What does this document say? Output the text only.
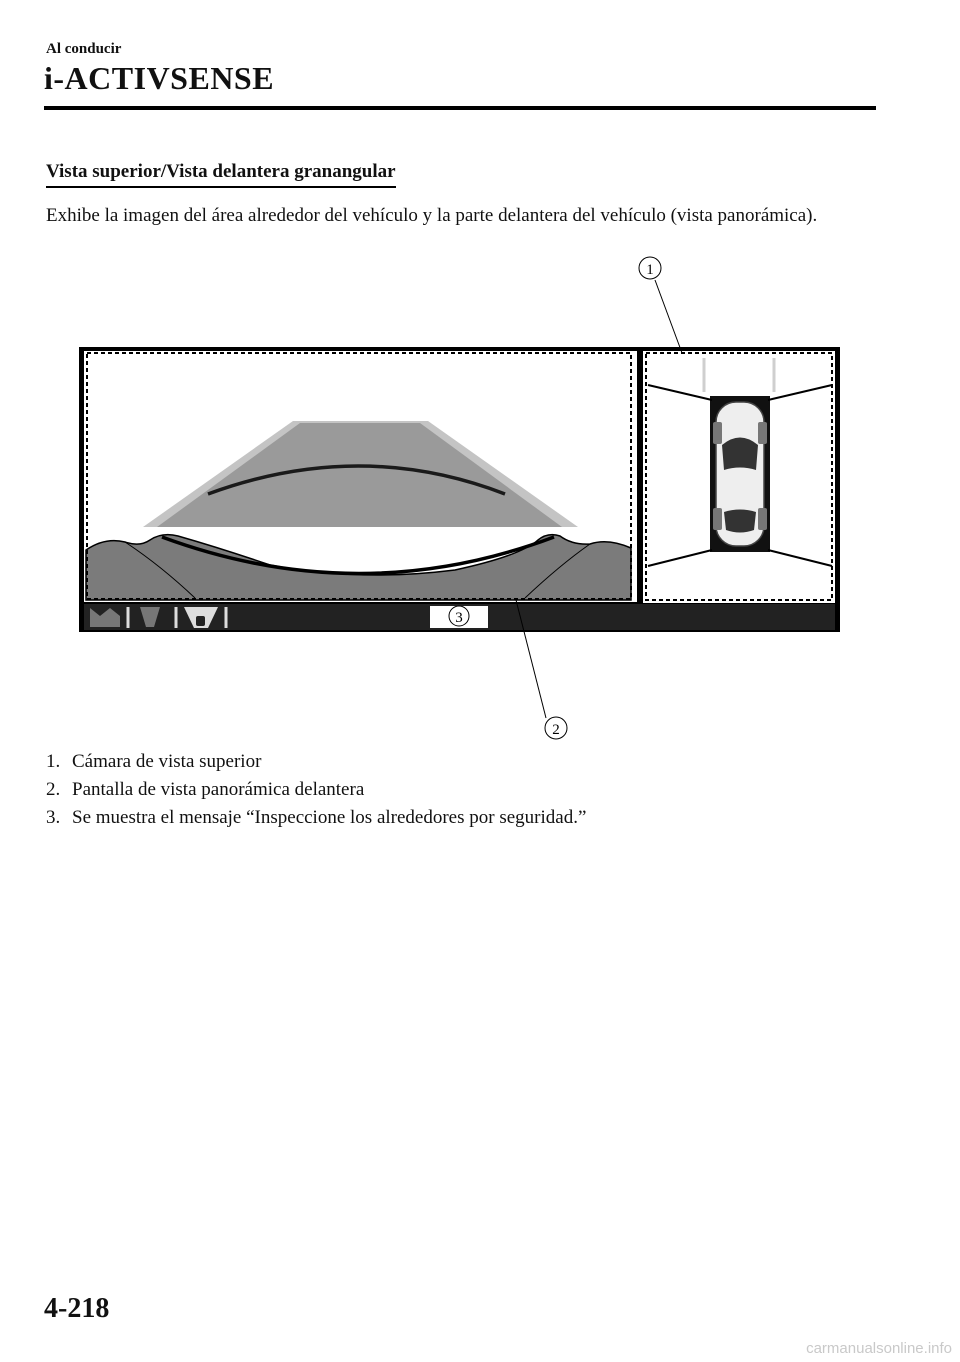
Al conducir
i-ACTIVSENSE
Vista superior/Vista delantera granangular
Exhibe la imagen del área alrededor del vehículo y la parte delantera del vehículo (vista panorámica).
1
2
3
1. Cámara de vista superior
2. Pantalla de vista panorámica delantera
3. Se muestra el mensaje “Inspeccione los alrededores por seguridad.”
4-218
carmanualsonline.info
